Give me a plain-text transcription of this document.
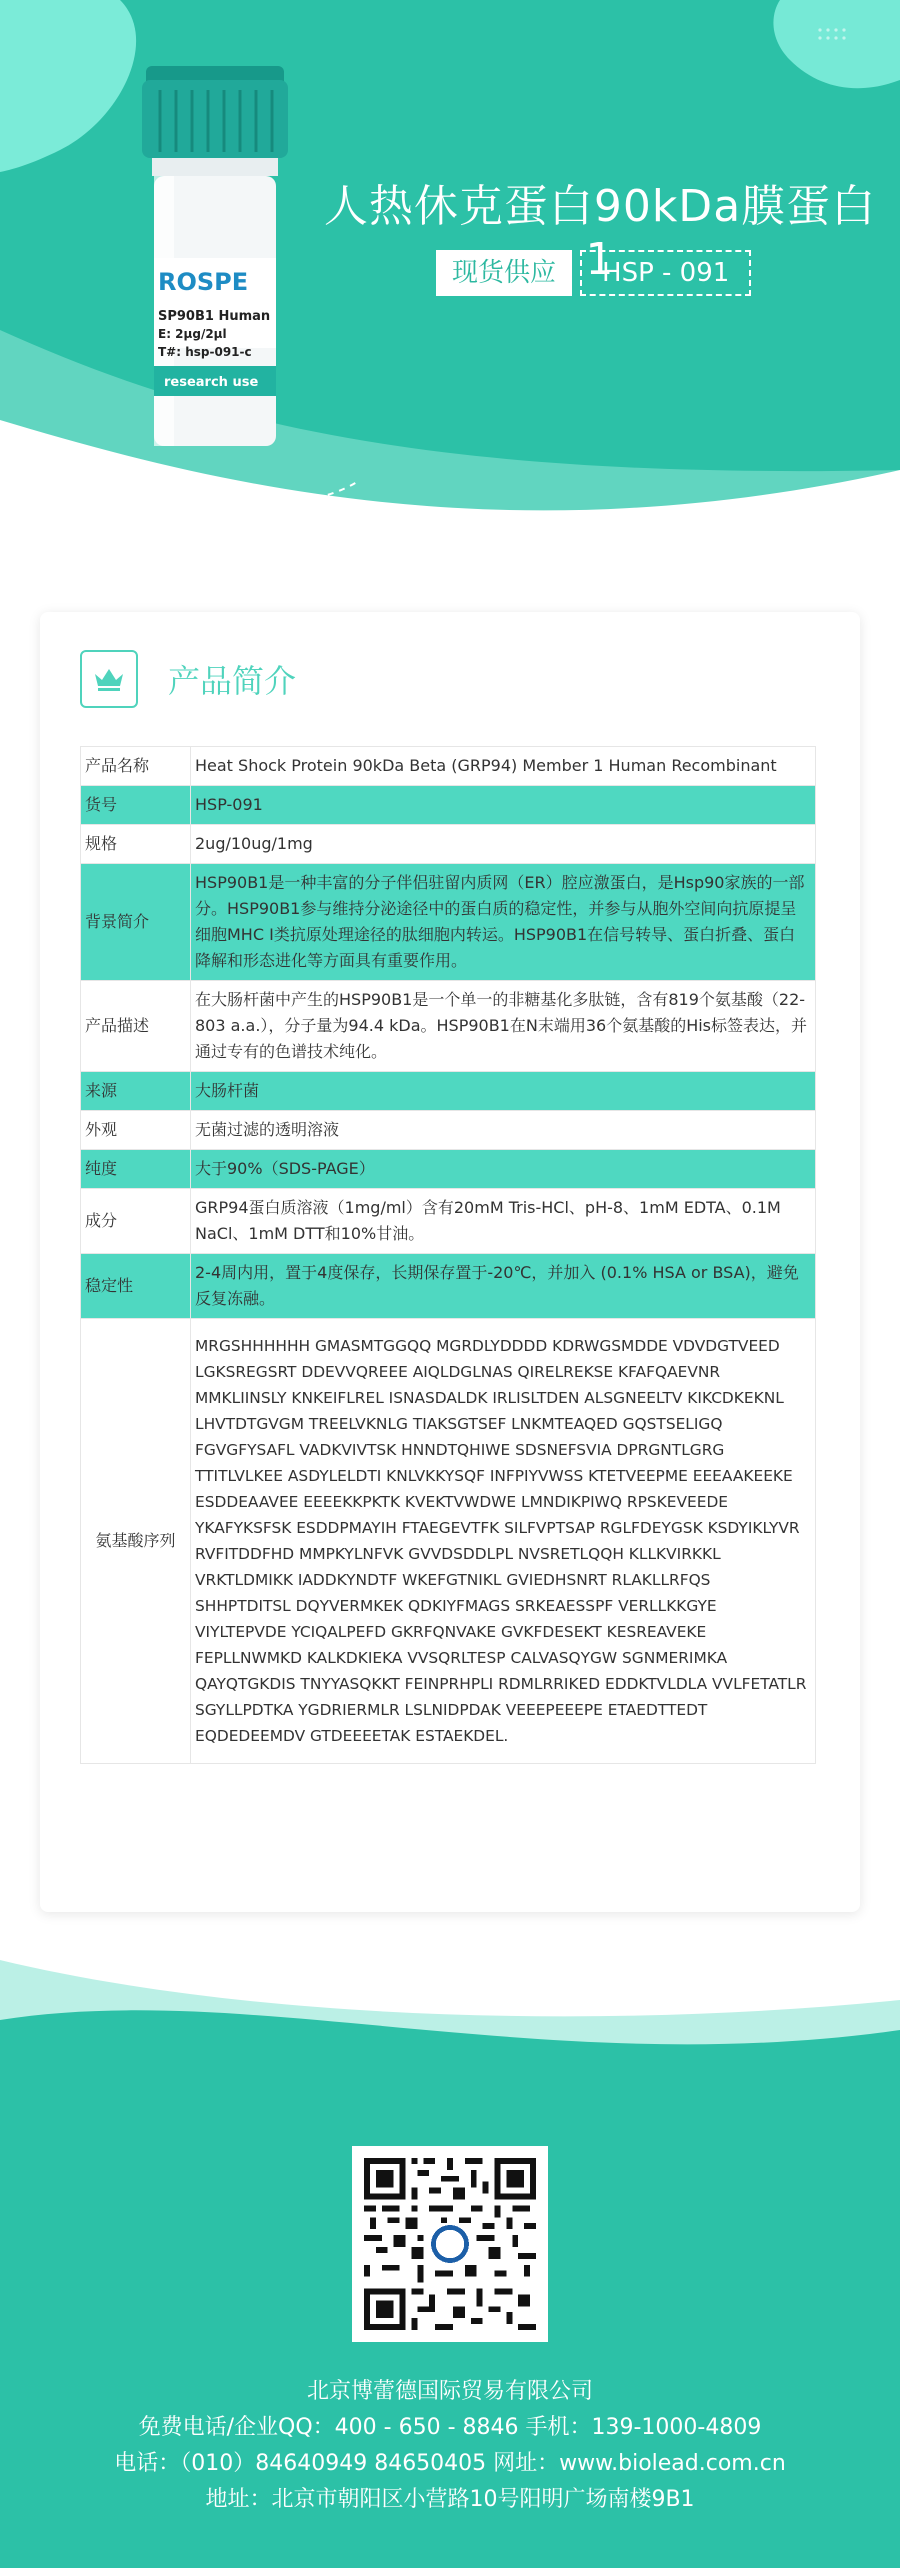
ROSPE
SP90B1 Human
E: 2μg/2μl
T#: hsp-091-c
research use
人热休克蛋白90kDa膜蛋白1
现货供应	HSP - 091
产品简介
产品名称	Heat Shock Protein 90kDa Beta (GRP94) Member 1 Human Recombinant
货号	HSP-091
规格	2ug/10ug/1mg
背景简介	HSP90B1是一种丰富的分子伴侣驻留内质网（ER）腔应激蛋白，是Hsp90家族的一部分。HSP90B1参与维持分泌途径中的蛋白质的稳定性，并参与从胞外空间向抗原提呈细胞MHC Ⅰ类抗原处理途径的肽细胞内转运。HSP90B1在信号转导、蛋白折叠、蛋白降解和形态进化等方面具有重要作用。
产品描述	在大肠杆菌中产生的HSP90B1是一个单一的非糖基化多肽链，含有819个氨基酸（22-803 a.a.），分子量为94.4 kDa。HSP90B1在N末端用36个氨基酸的His标签表达，并通过专有的色谱技术纯化。
来源	大肠杆菌
外观	无菌过滤的透明溶液
纯度	大于90%（SDS-PAGE）
成分	GRP94蛋白质溶液（1mg/ml）含有20mM Tris-HCl、pH-8、1mM EDTA、0.1M NaCl、1mM DTT和10%甘油。
稳定性	2-4周内用，置于4度保存，长期保存置于-20℃，并加入 (0.1% HSA or BSA)，避免反复冻融。
氨基酸序列	MRGSHHHHHH GMASMTGGQQ MGRDLYDDDD KDRWGSMDDE VDVDGTVEED LGKSREGSRT DDEVVQREEE AIQLDGLNAS QIRELREKSE KFAFQAEVNR MMKLIINSLY KNKEIFLREL ISNASDALDK IRLISLTDEN ALSGNEELTV KIKCDKEKNL LHVTDTGVGM TREELVKNLG TIAKSGTSEF LNKMTEAQED GQSTSELIGQ FGVGFYSAFL VADKVIVTSK HNNDTQHIWE SDSNEFSVIA DPRGNTLGRG TTITLVLKEE ASDYLELDTI KNLVKKYSQF INFPIYVWSS KTETVEEPME EEEAAKEEKE ESDDEAAVEE EEEEKKPKTK KVEKTVWDWE LMNDIKPIWQ RPSKEVEEDE YKAFYKSFSK ESDDPMAYIH FTAEGEVTFK SILFVPTSAP RGLFDEYGSK KSDYIKLYVR RVFITDDFHD MMPKYLNFVK GVVDSDDLPL NVSRETLQQH KLLKVIRKKL VRKTLDMIKK IADDKYNDTF WKEFGTNIKL GVIEDHSNRT RLAKLLRFQS SHHPTDITSL DQYVERMKEK QDKIYFMAGS SRKEAESSPF VERLLKKGYE VIYLTEPVDE YCIQALPEFD GKRFQNVAKE GVKFDESEKT KESREAVEKE FEPLLNWMKD KALKDKIEKA VVSQRLTESP CALVASQYGW SGNMERIMKA QAYQTGKDIS TNYYASQKKT FEINPRHPLI RDMLRRIKED EDDKTVLDLA VVLFETATLR SGYLLPDTKA YGDRIERMLR LSLNIDPDAK VEEEPEEEPE ETAEDTTEDT EQDEDEEMDV GTDEEEETAK ESTAEKDEL.
北京博蕾德国际贸易有限公司
免费电话/企业QQ：400 - 650 - 8846 手机：139-1000-4809
电话：（010）84640949 84650405 网址：www.biolead.com.cn
地址：北京市朝阳区小营路10号阳明广场南楼9B1
